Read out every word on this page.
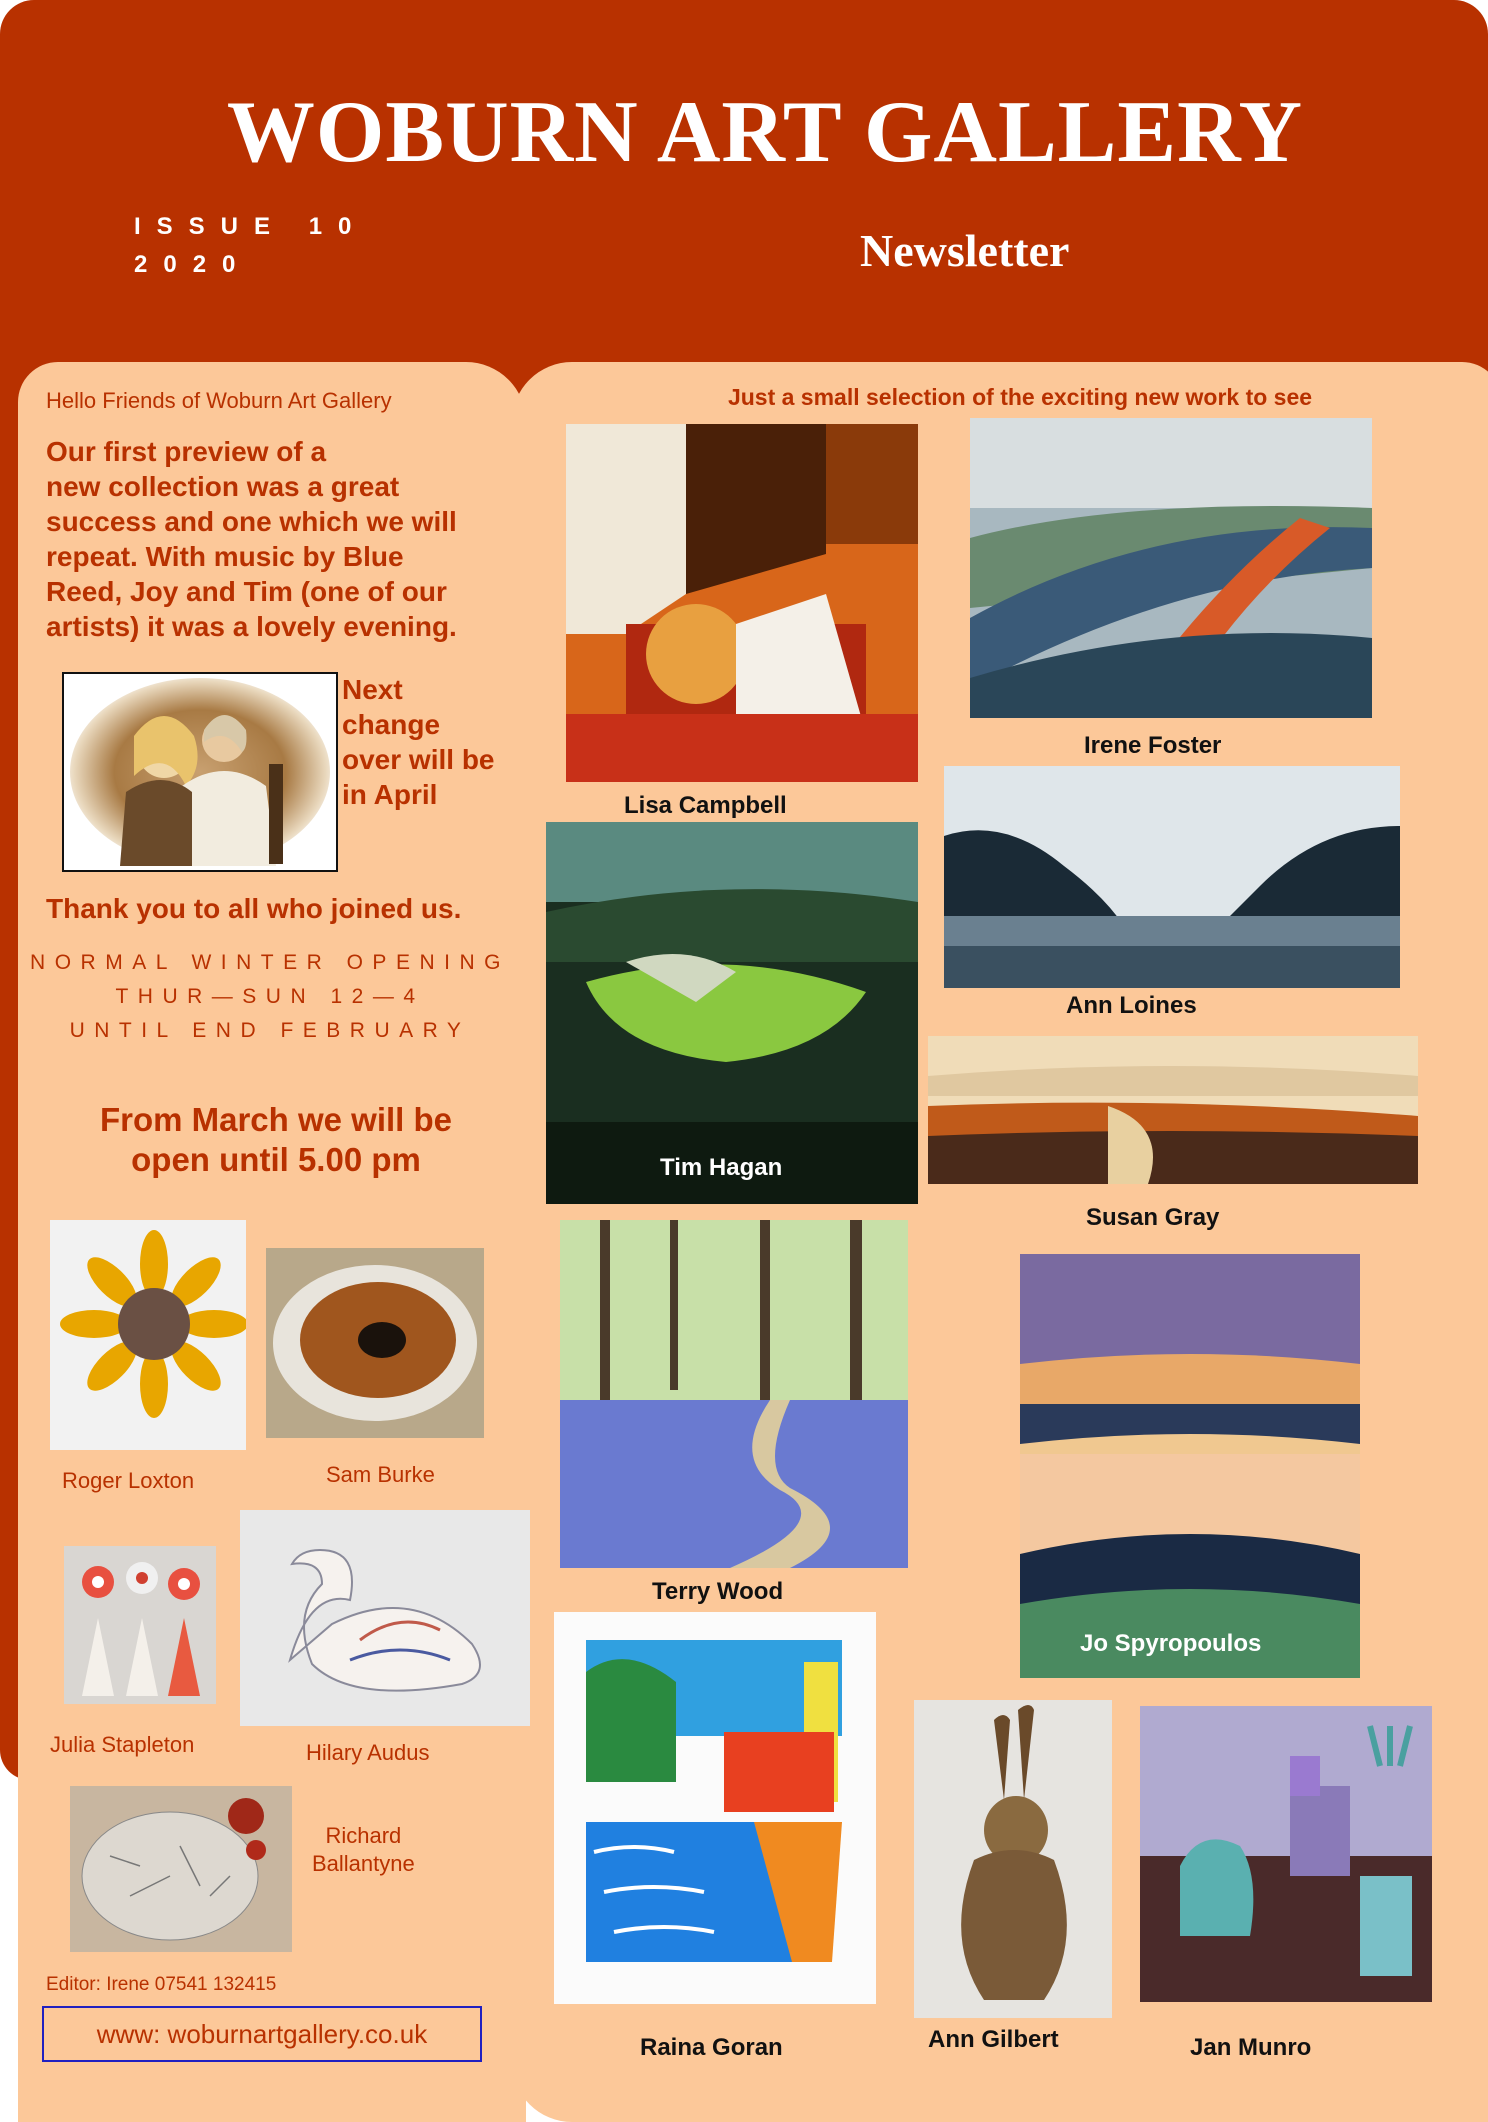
WOBURN ART GALLERY
ISSUE 10
2020	Newsletter
Hello Friends of Woburn Art Gallery
Our first preview of a
new collection was a great
success and one which we will
repeat. With music by Blue
Reed, Joy and Tim (one of our
artists) it was a lovely evening.
Next
change
over will be
in April
Thank you to all who joined us.
NORMAL WINTER OPENING
THUR—SUN 12—4
UNTIL END FEBRUARY
From March we will be
open until 5.00 pm
Roger Loxton	Sam Burke
Julia Stapleton	Hilary Audus
Richard
Ballantyne
Editor: Irene 07541 132415
www: woburnartgallery.co.uk
Just a small selection of the exciting new work to see
Lisa Campbell
Irene Foster
Ann Loines
Tim Hagan
Susan Gray
Terry Wood
Jo Spyropoulos
Raina Goran	Ann Gilbert	Jan Munro
